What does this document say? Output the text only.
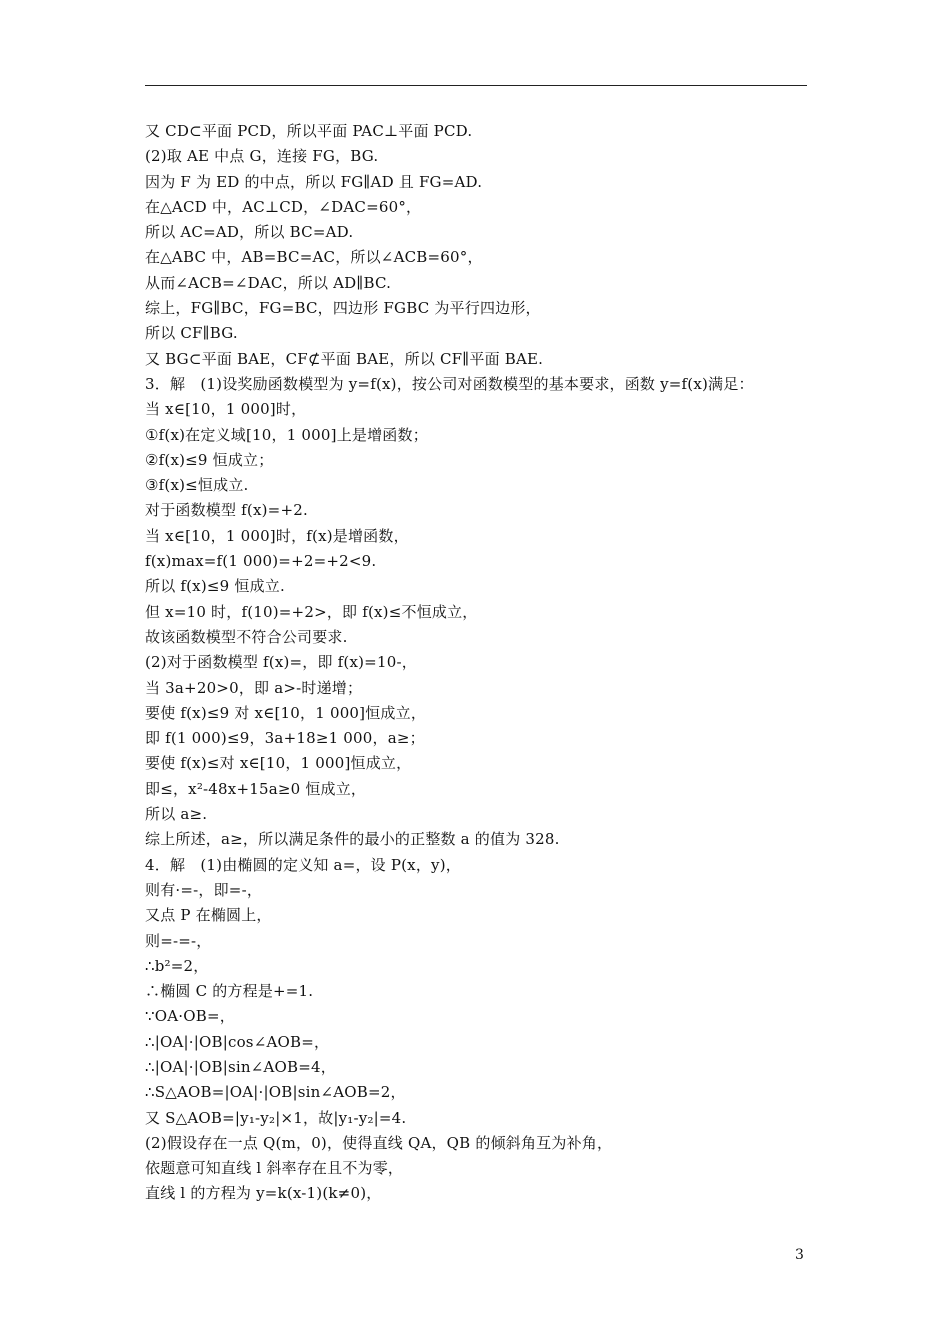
又 CD⊂平面 PCD，所以平面 PAC⊥平面 PCD.
(2)取 AE 中点 G，连接 FG，BG.
因为 F 为 ED 的中点，所以 FG∥AD 且 FG=AD.
在△ACD 中，AC⊥CD，∠DAC=60°，
所以 AC=AD，所以 BC=AD.
在△ABC 中，AB=BC=AC，所以∠ACB=60°，
从而∠ACB=∠DAC，所以 AD∥BC.
综上，FG∥BC，FG=BC，四边形 FGBC 为平行四边形，
所以 CF∥BG.
又 BG⊂平面 BAE，CF⊄平面 BAE，所以 CF∥平面 BAE.
3．解　(1)设奖励函数模型为 y=f(x)，按公司对函数模型的基本要求，函数 y=f(x)满足：
当 x∈[10，1 000]时，
①f(x)在定义域[10，1 000]上是增函数；
②f(x)≤9 恒成立；
③f(x)≤恒成立.
对于函数模型 f(x)=+2.
当 x∈[10，1 000]时，f(x)是增函数，
f(x)max=f(1 000)=+2=+2<9.
所以 f(x)≤9 恒成立.
但 x=10 时，f(10)=+2>，即 f(x)≤不恒成立，
故该函数模型不符合公司要求.
(2)对于函数模型 f(x)=，即 f(x)=10-，
当 3a+20>0，即 a>-时递增；
要使 f(x)≤9 对 x∈[10，1 000]恒成立，
即 f(1 000)≤9，3a+18≥1 000，a≥；
要使 f(x)≤对 x∈[10，1 000]恒成立，
即≤，x²-48x+15a≥0 恒成立，
所以 a≥.
综上所述，a≥，所以满足条件的最小的正整数 a 的值为 328.
4．解　(1)由椭圆的定义知 a=，设 P(x，y)，
则有·=-，即=-，
又点 P 在椭圆上，
则=-=-，
∴b²=2，
∴椭圆 C 的方程是+=1.
∵OA·OB=，
∴|OA|·|OB|cos∠AOB=，
∴|OA|·|OB|sin∠AOB=4，
∴S△AOB=|OA|·|OB|sin∠AOB=2，
又 S△AOB=|y₁-y₂|×1，故|y₁-y₂|=4.
(2)假设存在一点 Q(m，0)，使得直线 QA，QB 的倾斜角互为补角，
依题意可知直线 l 斜率存在且不为零，
直线 l 的方程为 y=k(x-1)(k≠0)，
3
